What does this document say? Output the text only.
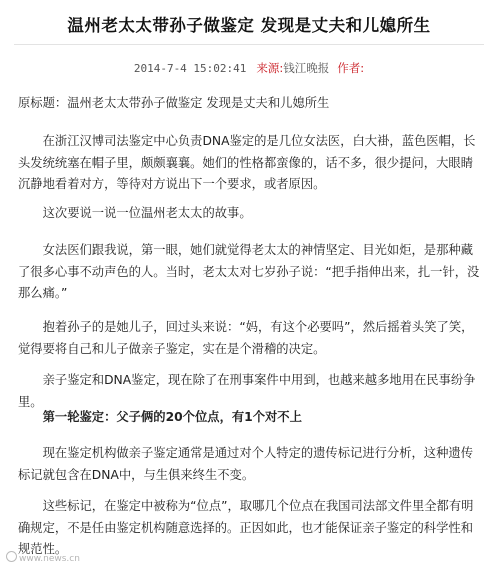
温州老太太带孙子做鉴定 发现是丈夫和儿媳所生
2014-7-4 15:02:41 来源:钱江晚报 作者:

原标题：温州老太太带孙子做鉴定 发现是丈夫和儿媳所生

在浙江汉博司法鉴定中心负责DNA鉴定的是几位女法医，白大褂，蓝色医帽，长头发统统塞在帽子里，颇颇襄襄。她们的性格都蛮像的，话不多，很少提问，大眼睛沉静地看着对方，等待对方说出下一个要求，或者原因。

这次要说一说一位温州老太太的故事。

女法医们跟我说，第一眼，她们就觉得老太太的神情坚定、目光如炬，是那种藏了很多心事不动声色的人。当时，老太太对七岁孙子说：“把手指伸出来，扎一针，没那么痛。”

抱着孙子的是她儿子，回过头来说：“妈，有这个必要吗”，然后摇着头笑了笑，觉得要将自己和儿子做亲子鉴定，实在是个滑稽的决定。

亲子鉴定和DNA鉴定，现在除了在刑事案件中用到，也越来越多地用在民事纷争里。

第一轮鉴定：父子俩的20个位点，有1个对不上

现在鉴定机构做亲子鉴定通常是通过对个人特定的遗传标记进行分析，这种遗传标记就包含在DNA中，与生俱来终生不变。

这些标记，在鉴定中被称为“位点”，取哪几个位点在我国司法部文件里全都有明确规定，不是任由鉴定机构随意选择的。正因如此，也才能保证亲子鉴定的科学性和规范性。

www.news.cn
